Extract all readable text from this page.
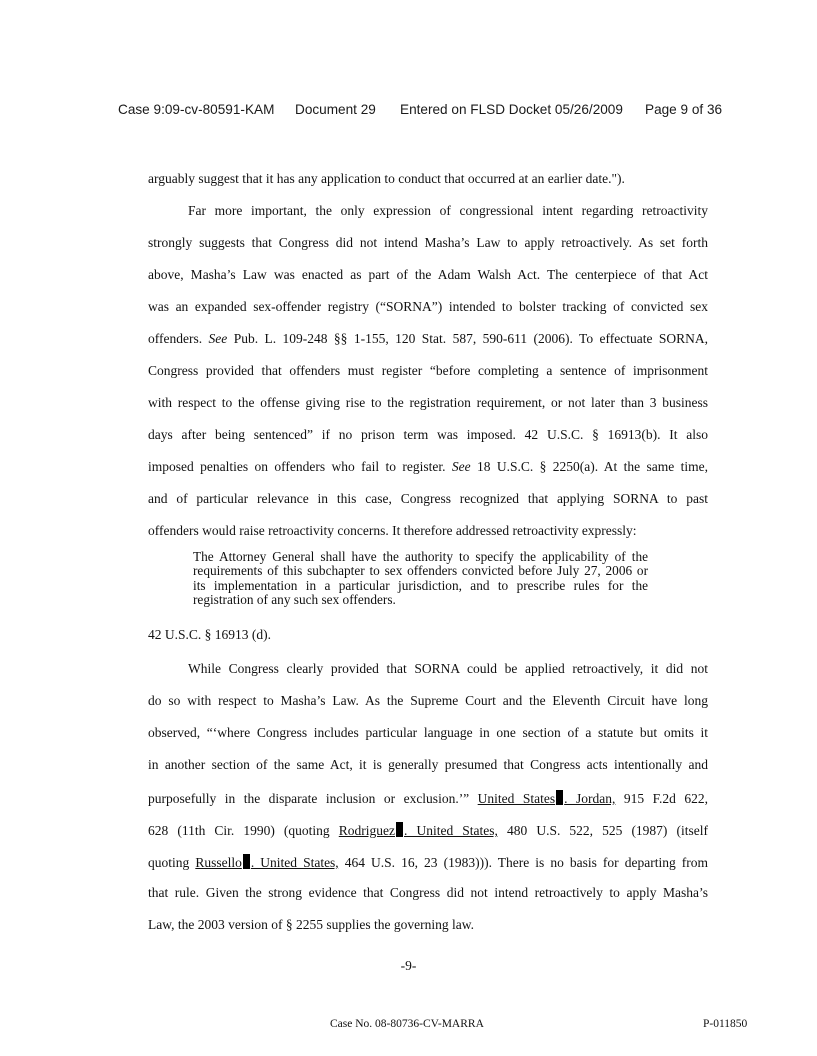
Case 9:09-cv-80591-KAM Document 29 Entered on FLSD Docket 05/26/2009 Page 9 of 36
arguably suggest that it has any application to conduct that occurred at an earlier date.").
Far more important, the only expression of congressional intent regarding retroactivity
strongly suggests that Congress did not intend Masha’s Law to apply retroactively. As set forth
above, Masha’s Law was enacted as part of the Adam Walsh Act. The centerpiece of that Act
was an expanded sex-offender registry (“SORNA”) intended to bolster tracking of convicted sex
offenders. See Pub. L. 109-248 §§ 1-155, 120 Stat. 587, 590-611 (2006). To effectuate SORNA,
Congress provided that offenders must register “before completing a sentence of imprisonment
with respect to the offense giving rise to the registration requirement, or not later than 3 business
days after being sentenced” if no prison term was imposed. 42 U.S.C. § 16913(b). It also
imposed penalties on offenders who fail to register. See 18 U.S.C. § 2250(a). At the same time,
and of particular relevance in this case, Congress recognized that applying SORNA to past
offenders would raise retroactivity concerns. It therefore addressed retroactivity expressly:
42 U.S.C. § 16913 (d).
While Congress clearly provided that SORNA could be applied retroactively, it did not
do so with respect to Masha’s Law. As the Supreme Court and the Eleventh Circuit have long
observed, “‘where Congress includes particular language in one section of a statute but omits it
in another section of the same Act, it is generally presumed that Congress acts intentionally and
purposefully in the disparate inclusion or exclusion.’” United States . Jordan, 915 F.2d 622,
628 (11th Cir. 1990) (quoting Rodriguez . United States, 480 U.S. 522, 525 (1987) (itself
quoting Russello . United States, 464 U.S. 16, 23 (1983))). There is no basis for departing from
that rule. Given the strong evidence that Congress did not intend retroactively to apply Masha’s
Law, the 2003 version of § 2255 supplies the governing law.
The Attorney General shall have the authority to specify the applicability of the
requirements of this subchapter to sex offenders convicted before July 27, 2006 or
its implementation in a particular jurisdiction, and to prescribe rules for the
registration of any such sex offenders.
-9-
Case No. 08-80736-CV-MARRA	P-011850
